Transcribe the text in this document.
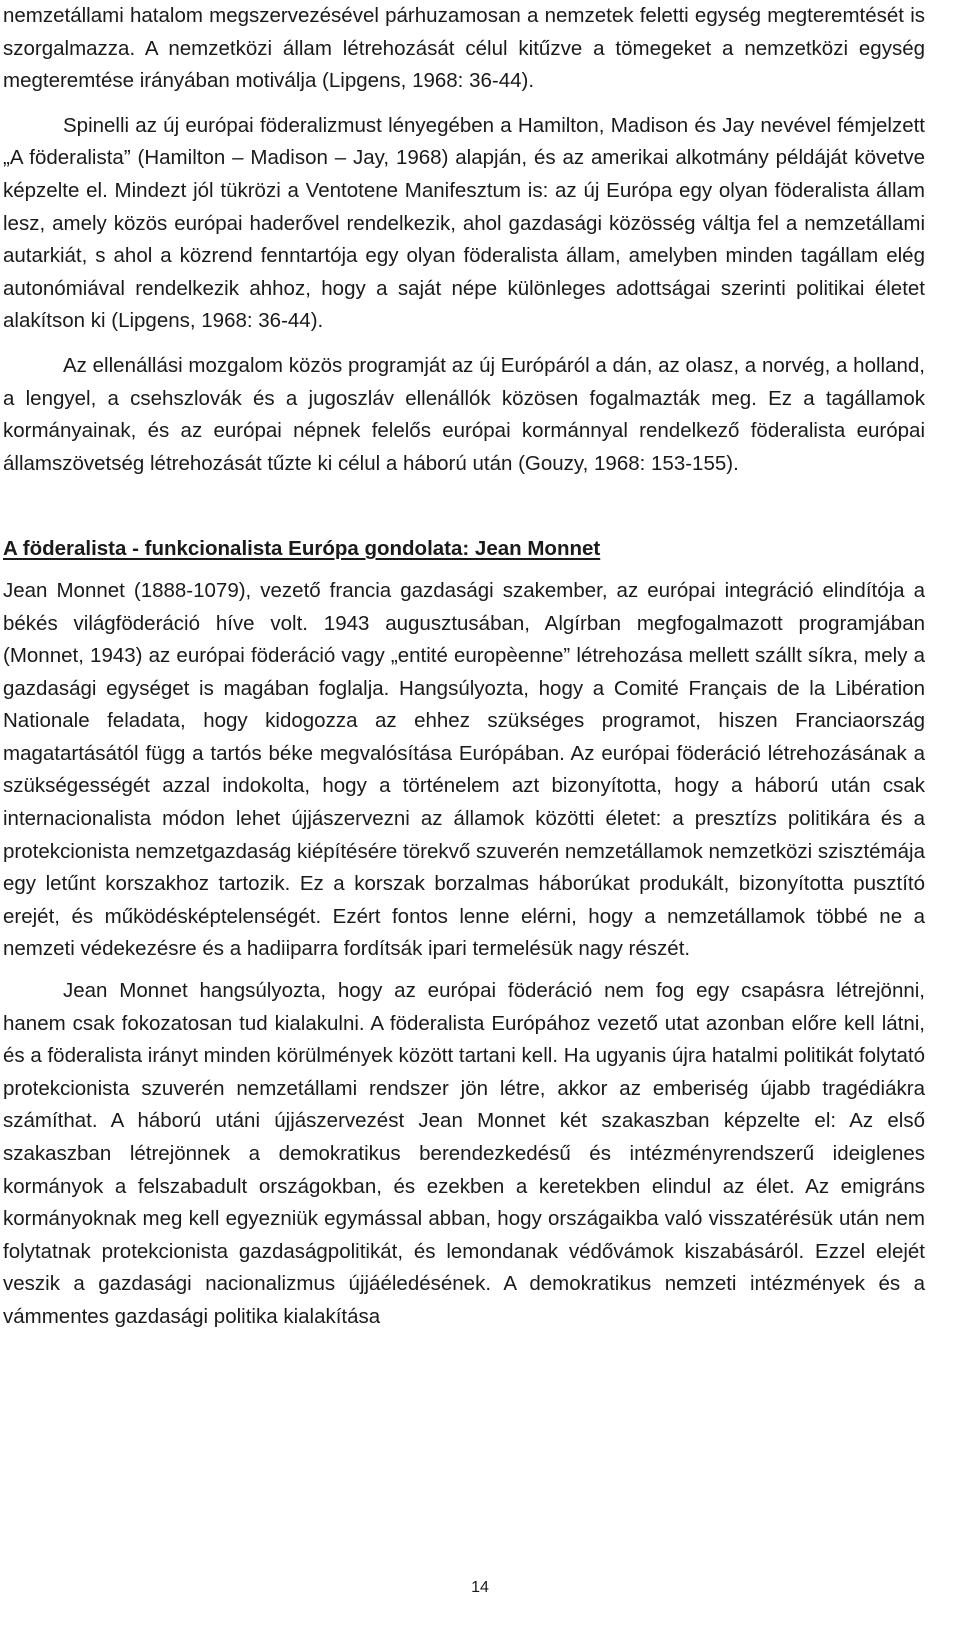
nemzetállami hatalom megszervezésével párhuzamosan a nemzetek feletti egység megteremtését is szorgalmazza. A nemzetközi állam létrehozását célul kitűzve a tömegeket a nemzetközi egység megteremtése irányában motiválja (Lipgens, 1968: 36-44).

Spinelli az új európai föderalizmust lényegében a Hamilton, Madison és Jay nevével fémjelzett „A föderalista” (Hamilton – Madison – Jay, 1968) alapján, és az amerikai alkotmány példáját követve képzelte el. Mindezt jól tükrözi a Ventotene Manifesztum is: az új Európa egy olyan föderalista állam lesz, amely közös európai haderővel rendelkezik, ahol gazdasági közösség váltja fel a nemzetállami autarkiát, s ahol a közrend fenntartója egy olyan föderalista állam, amelyben minden tagállam elég autonómiával rendelkezik ahhoz, hogy a saját népe különleges adottságai szerinti politikai életet alakítson ki (Lipgens, 1968: 36-44).

Az ellenállási mozgalom közös programját az új Európáról a dán, az olasz, a norvég, a holland, a lengyel, a csehszlovák és a jugoszláv ellenállók közösen fogalmazták meg. Ez a tagállamok kormányainak, és az európai népnek felelős európai kormánnyal rendelkező föderalista európai államszövetség létrehozását tűzte ki célul a háború után (Gouzy, 1968: 153-155).

A föderalista - funkcionalista Európa gondolata: Jean Monnet

Jean Monnet (1888-1079), vezető francia gazdasági szakember, az európai integráció elindítója a békés világföderáció híve volt. 1943 augusztusában, Algírban megfogalmazott programjában (Monnet, 1943) az európai föderáció vagy „entité europèenne” létrehozása mellett szállt síkra, mely a gazdasági egységet is magában foglalja. Hangsúlyozta, hogy a Comité Français de la Libération Nationale feladata, hogy kidogozza az ehhez szükséges programot, hiszen Franciaország magatartásától függ a tartós béke megvalósítása Európában. Az európai föderáció létrehozásának a szükségességét azzal indokolta, hogy a történelem azt bizonyította, hogy a háború után csak internacionalista módon lehet újjászervezni az államok közötti életet: a presztízs politikára és a protekcionista nemzetgazdaság kiépítésére törekvő szuverén nemzetállamok nemzetközi szisztémája egy letűnt korszakhoz tartozik. Ez a korszak borzalmas háborúkat produkált, bizonyította pusztító erejét, és működésképtelenségét. Ezért fontos lenne elérni, hogy a nemzetállamok többé ne a nemzeti védekezésre és a hadiiparra fordítsák ipari termelésük nagy részét.

Jean Monnet hangsúlyozta, hogy az európai föderáció nem fog egy csapásra létrejönni, hanem csak fokozatosan tud kialakulni. A föderalista Európához vezető utat azonban előre kell látni, és a föderalista irányt minden körülmények között tartani kell. Ha ugyanis újra hatalmi politikát folytató protekcionista szuverén nemzetállami rendszer jön létre, akkor az emberiség újabb tragédiákra számíthat. A háború utáni újjászervezést Jean Monnet két szakaszban képzelte el: Az első szakaszban létrejönnek a demokratikus berendezkedésű és intézményrendszerű ideiglenes kormányok a felszabadult országokban, és ezekben a keretekben elindul az élet. Az emigráns kormányoknak meg kell egyezniük egymással abban, hogy országaikba való visszatérésük után nem folytatnak protekcionista gazdaságpolitikát, és lemondanak védővámok kiszabásáról. Ezzel elejét veszik a gazdasági nacionalizmus újjáéledésének. A demokratikus nemzeti intézmények és a vámmentes gazdasági politika kialakítása

14
